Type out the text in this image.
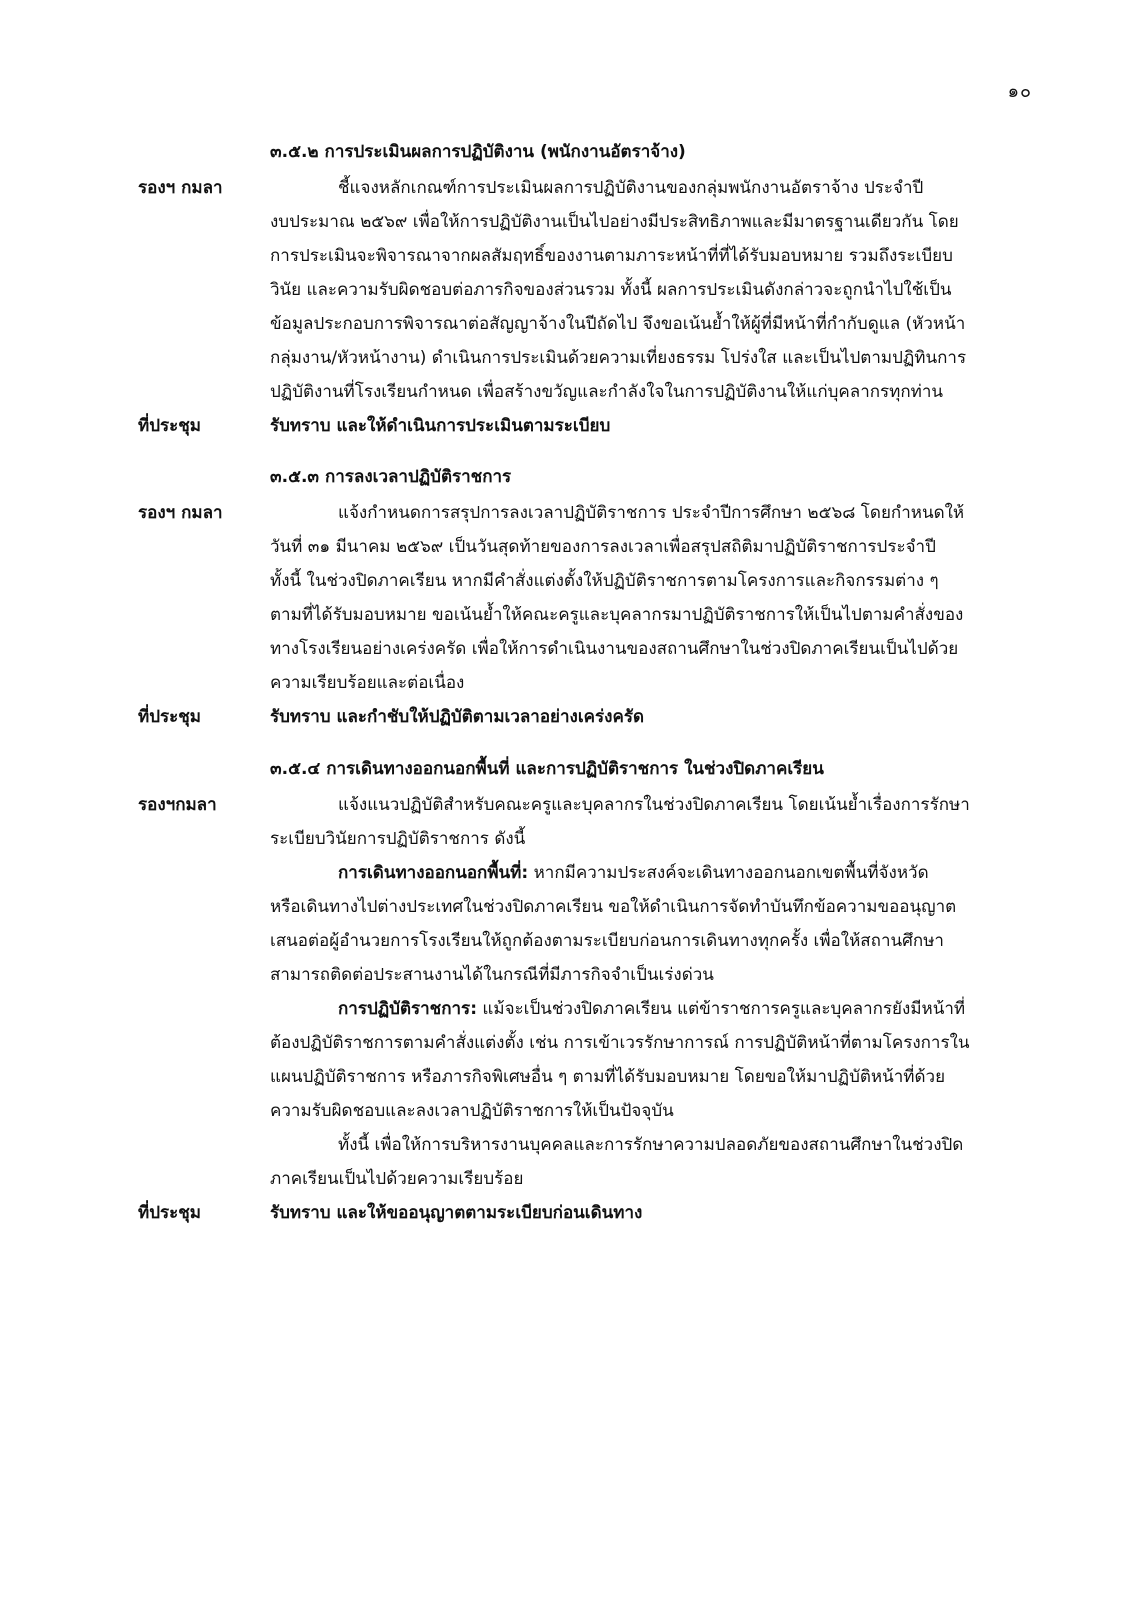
๑๐
๓.๕.๒ การประเมินผลการปฏิบัติงาน (พนักงานอัตราจ้าง)
รองฯ กมลา	ชี้แจงหลักเกณฑ์การประเมินผลการปฏิบัติงานของกลุ่มพนักงานอัตราจ้าง ประจำปี
งบประมาณ ๒๕๖๙ เพื่อให้การปฏิบัติงานเป็นไปอย่างมีประสิทธิภาพและมีมาตรฐานเดียวกัน โดย
การประเมินจะพิจารณาจากผลสัมฤทธิ์ของงานตามภาระหน้าที่ที่ได้รับมอบหมาย รวมถึงระเบียบ
วินัย และความรับผิดชอบต่อภารกิจของส่วนรวม ทั้งนี้ ผลการประเมินดังกล่าวจะถูกนำไปใช้เป็น
ข้อมูลประกอบการพิจารณาต่อสัญญาจ้างในปีถัดไป จึงขอเน้นย้ำให้ผู้ที่มีหน้าที่กำกับดูแล (หัวหน้า
กลุ่มงาน/หัวหน้างาน) ดำเนินการประเมินด้วยความเที่ยงธรรม โปร่งใส และเป็นไปตามปฏิทินการ
ปฏิบัติงานที่โรงเรียนกำหนด เพื่อสร้างขวัญและกำลังใจในการปฏิบัติงานให้แก่บุคลากรทุกท่าน
ที่ประชุม	รับทราบ และให้ดำเนินการประเมินตามระเบียบ
๓.๕.๓ การลงเวลาปฏิบัติราชการ
รองฯ กมลา	แจ้งกำหนดการสรุปการลงเวลาปฏิบัติราชการ ประจำปีการศึกษา ๒๕๖๘ โดยกำหนดให้
วันที่ ๓๑ มีนาคม ๒๕๖๙ เป็นวันสุดท้ายของการลงเวลาเพื่อสรุปสถิติมาปฏิบัติราชการประจำปี
ทั้งนี้ ในช่วงปิดภาคเรียน หากมีคำสั่งแต่งตั้งให้ปฏิบัติราชการตามโครงการและกิจกรรมต่าง ๆ
ตามที่ได้รับมอบหมาย ขอเน้นย้ำให้คณะครูและบุคลากรมาปฏิบัติราชการให้เป็นไปตามคำสั่งของ
ทางโรงเรียนอย่างเคร่งครัด เพื่อให้การดำเนินงานของสถานศึกษาในช่วงปิดภาคเรียนเป็นไปด้วย
ความเรียบร้อยและต่อเนื่อง
ที่ประชุม	รับทราบ และกำชับให้ปฏิบัติตามเวลาอย่างเคร่งครัด
๓.๕.๔ การเดินทางออกนอกพื้นที่ และการปฏิบัติราชการ ในช่วงปิดภาคเรียน
รองฯกมลา	แจ้งแนวปฏิบัติสำหรับคณะครูและบุคลากรในช่วงปิดภาคเรียน โดยเน้นย้ำเรื่องการรักษา
ระเบียบวินัยการปฏิบัติราชการ ดังนี้
การเดินทางออกนอกพื้นที่: หากมีความประสงค์จะเดินทางออกนอกเขตพื้นที่จังหวัด
หรือเดินทางไปต่างประเทศในช่วงปิดภาคเรียน ขอให้ดำเนินการจัดทำบันทึกข้อความขออนุญาต
เสนอต่อผู้อำนวยการโรงเรียนให้ถูกต้องตามระเบียบก่อนการเดินทางทุกครั้ง เพื่อให้สถานศึกษา
สามารถติดต่อประสานงานได้ในกรณีที่มีภารกิจจำเป็นเร่งด่วน
การปฏิบัติราชการ: แม้จะเป็นช่วงปิดภาคเรียน แต่ข้าราชการครูและบุคลากรยังมีหน้าที่
ต้องปฏิบัติราชการตามคำสั่งแต่งตั้ง เช่น การเข้าเวรรักษาการณ์ การปฏิบัติหน้าที่ตามโครงการใน
แผนปฏิบัติราชการ หรือภารกิจพิเศษอื่น ๆ ตามที่ได้รับมอบหมาย โดยขอให้มาปฏิบัติหน้าที่ด้วย
ความรับผิดชอบและลงเวลาปฏิบัติราชการให้เป็นปัจจุบัน
ทั้งนี้ เพื่อให้การบริหารงานบุคคลและการรักษาความปลอดภัยของสถานศึกษาในช่วงปิด
ภาคเรียนเป็นไปด้วยความเรียบร้อย
ที่ประชุม	รับทราบ และให้ขออนุญาตตามระเบียบก่อนเดินทาง
